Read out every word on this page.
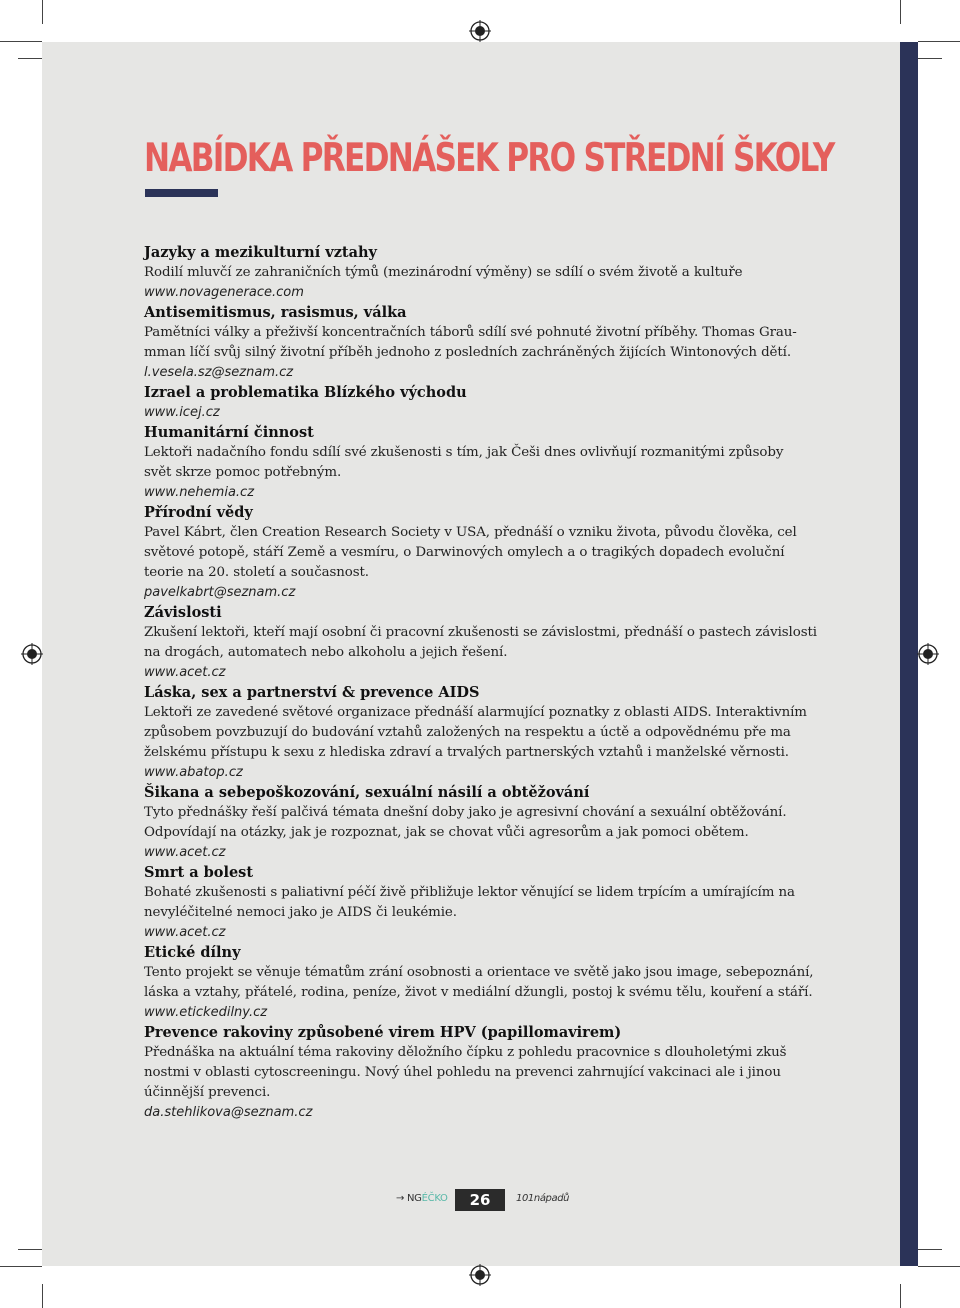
NABÍDKA PŘEDNÁŠEK PRO STŘEDNÍ ŠKOLY
Jazyky a mezikulturní vztahy

Rodilí mluvčí ze zahraničních týmů (mezinárodní výměny) se sdílí o svém životě a kultuře

www.novagenerace.com

Antisemitismus, rasismus, válka

Pamětníci války a přeživší koncentračních táborů sdílí své pohnuté životní příběhy. Thomas Grau-

mman líčí svůj silný životní příběh jednoho z posledních zachráněných žijících Wintonových dětí.

l.vesela.sz@seznam.cz

Izrael a problematika Blízkého východu

www.icej.cz

Humanitární činnost

Lektoři nadačního fondu sdílí své zkušenosti s tím, jak Češi dnes ovlivňují rozmanitými způsoby

svět skrze pomoc potřebným.

www.nehemia.cz

Přírodní vědy

Pavel Kábrt, člen Creation Research Society v USA, přednáší o vzniku života, původu člověka, cel

světové potopě, stáří Země a vesmíru, o Darwinových omylech a o tragikých dopadech evoluční

teorie na 20. století a současnost.

pavelkabrt@seznam.cz

Závislosti

Zkušení lektoři, kteří mají osobní či pracovní zkušenosti se závislostmi, přednáší o pastech závislosti

na drogách, automatech nebo alkoholu a jejich řešení.

www.acet.cz

Láska, sex a partnerství & prevence AIDS

Lektoři ze zavedené světové organizace přednáší alarmující poznatky z oblasti AIDS. Interaktivním

způsobem povzbuzují do budování vztahů založených na respektu a úctě a odpovědnému pře ma

želskému přístupu k sexu z hlediska zdraví a trvalých partnerských vztahů i manželské věrnosti.

www.abatop.cz

Šikana a sebepoškozování, sexuální násilí a obtěžování

Tyto přednášky řeší palčivá témata dnešní doby jako je agresivní chování a sexuální obtěžování.

Odpovídají na otázky, jak je rozpoznat, jak se chovat vůči agresorům a jak pomoci obětem.

www.acet.cz

Smrt a bolest

Bohaté zkušenosti s paliativní péčí živě přibližuje lektor věnující se lidem trpícím a umírajícím na

nevyléčitelné nemoci jako je AIDS či leukémie.

www.acet.cz

Etické dílny

Tento projekt se věnuje tématům zrání osobnosti a orientace ve světě jako jsou image, sebepoznání,

láska a vztahy, přátelé, rodina, peníze, život v mediální džungli, postoj k svému tělu, kouření a stáří.

www.etickedilny.cz

Prevence rakoviny způsobené virem HPV (papillomavirem)

Přednáška na aktuální téma rakoviny děložního čípku z pohledu pracovnice s dlouholetými zkuš

nostmi v oblasti cytoscreeningu. Nový úhel pohledu na prevenci zahrnující vakcinaci ale i jinou

účinnější prevenci.

da.stehlikova@seznam.cz

→ NGÉČKO	26	101nápadů
